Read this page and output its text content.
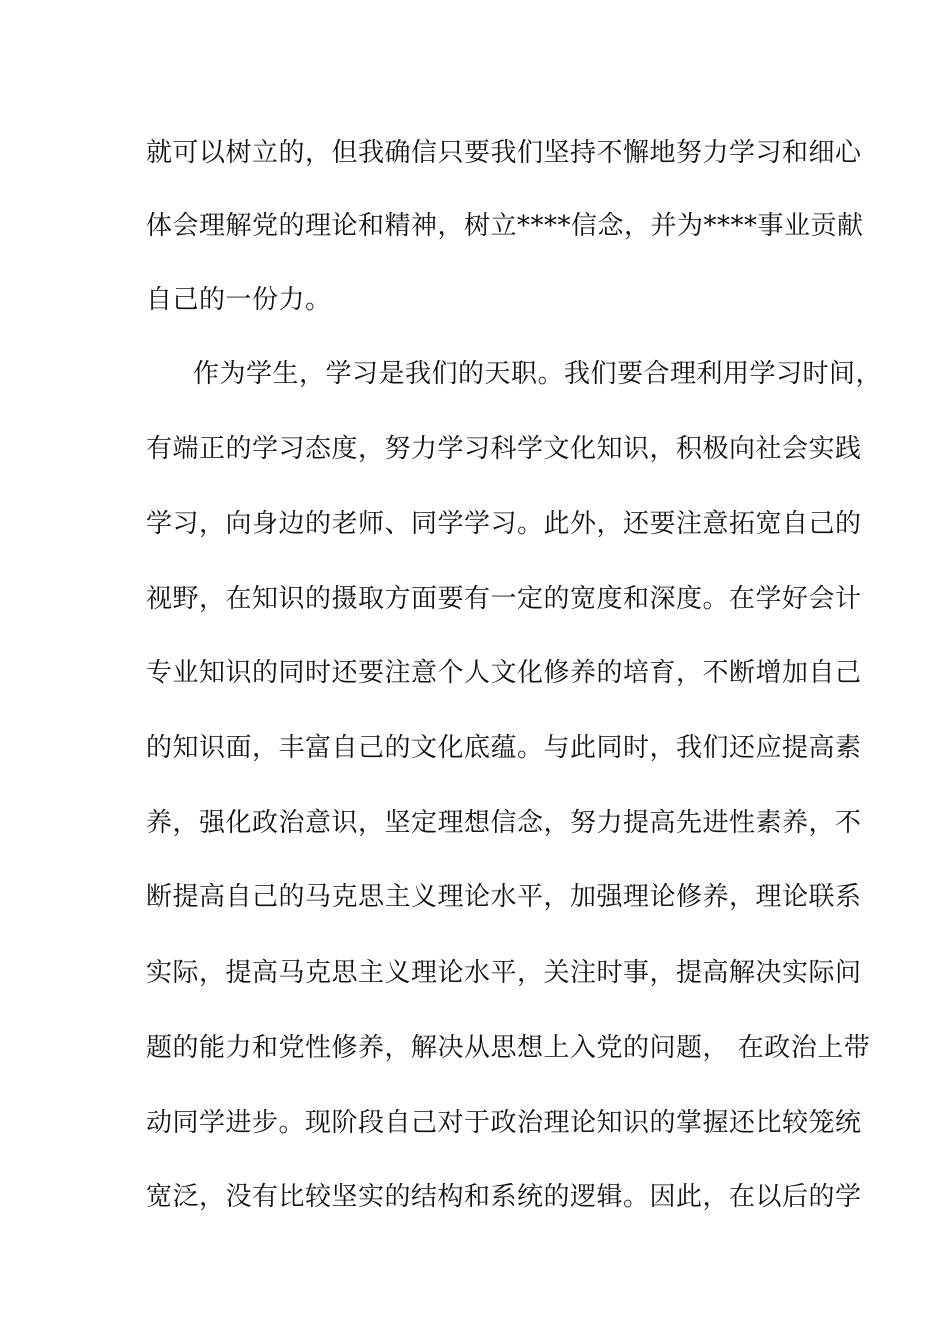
就可以树立的，但我确信只要我们坚持不懈地努力学习和细心
体会理解党的理论和精神，树立****信念，并为****事业贡献
自己的一份力。
作为学生，学习是我们的天职。我们要合理利用学习时间，
有端正的学习态度，努力学习科学文化知识，积极向社会实践
学习，向身边的老师、同学学习。此外，还要注意拓宽自己的
视野，在知识的摄取方面要有一定的宽度和深度。在学好会计
专业知识的同时还要注意个人文化修养的培育，不断增加自己
的知识面，丰富自己的文化底蕴。与此同时，我们还应提高素
养，强化政治意识，坚定理想信念，努力提高先进性素养，不
断提高自己的马克思主义理论水平，加强理论修养，理论联系
实际，提高马克思主义理论水平，关注时事，提高解决实际问
题的能力和党性修养，解决从思想上入党的问题， 在政治上带
动同学进步。现阶段自己对于政治理论知识的掌握还比较笼统
宽泛，没有比较坚实的结构和系统的逻辑。因此，在以后的学
